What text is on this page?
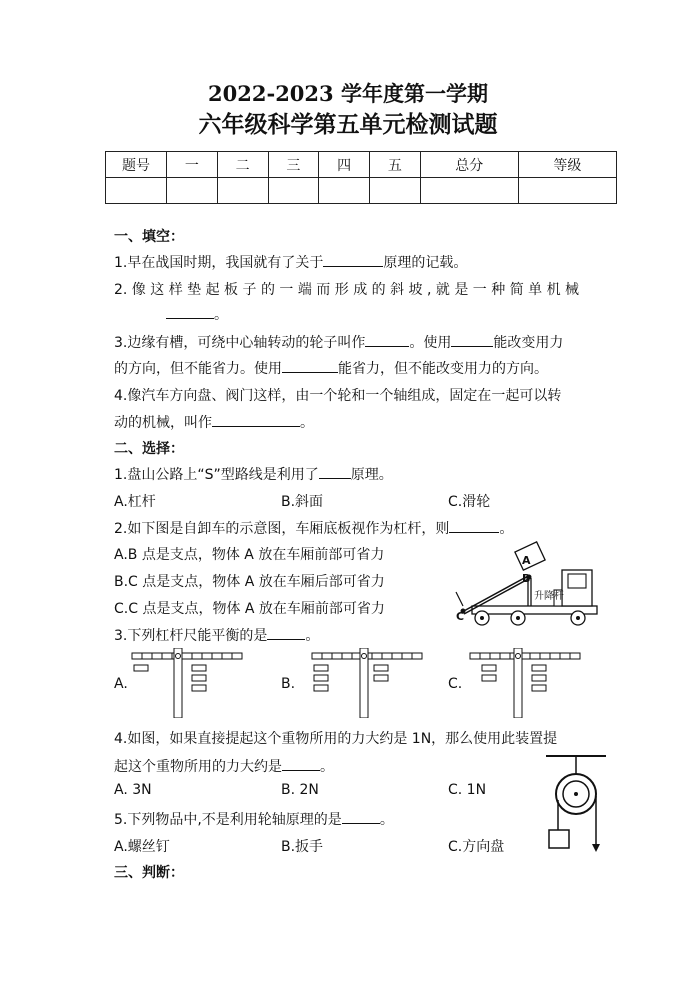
2022-2023 学年度第一学期
六年级科学第五单元检测试题
题号	一	二	三	四	五	总分	等级

一、填空：
1.早在战国时期，我国就有了关于	原理的记载。
2. 像 这 样 垫 起 板 子 的 一 端 而 形 成 的 斜 坡 , 就 是 一 种 简 单 机 械
。
3.边缘有槽，可绕中心轴转动的轮子叫作	。使用	能改变用力
的方向，但不能省力。使用	能省力，但不能改变用力的方向。
4.像汽车方向盘、阀门这样，由一个轮和一个轴组成，固定在一起可以转
动的机械，叫作	。
二、选择：
1.盘山公路上“S”型路线是利用了 原理。
A.杠杆	B.斜面	C.滑轮
2.如下图是自卸车的示意图，车厢底板视作为杠杆，则	。
A.B 点是支点，物体 A 放在车厢前部可省力
B.C 点是支点，物体 A 放在车厢后部可省力
C.C 点是支点，物体 A 放在车厢前部可省力
A
B
C
升降杆
3.下列杠杆尺能平衡的是	。
A.	B.	C.
4.如图，如果直接提起这个重物所用的力大约是 1N，那么使用此装置提
起这个重物所用的力大约是	。
A. 3N	B. 2N	C. 1N
5.下列物品中,不是利用轮轴原理的是	。
A.螺丝钉	B.扳手	C.方向盘
三、判断：
